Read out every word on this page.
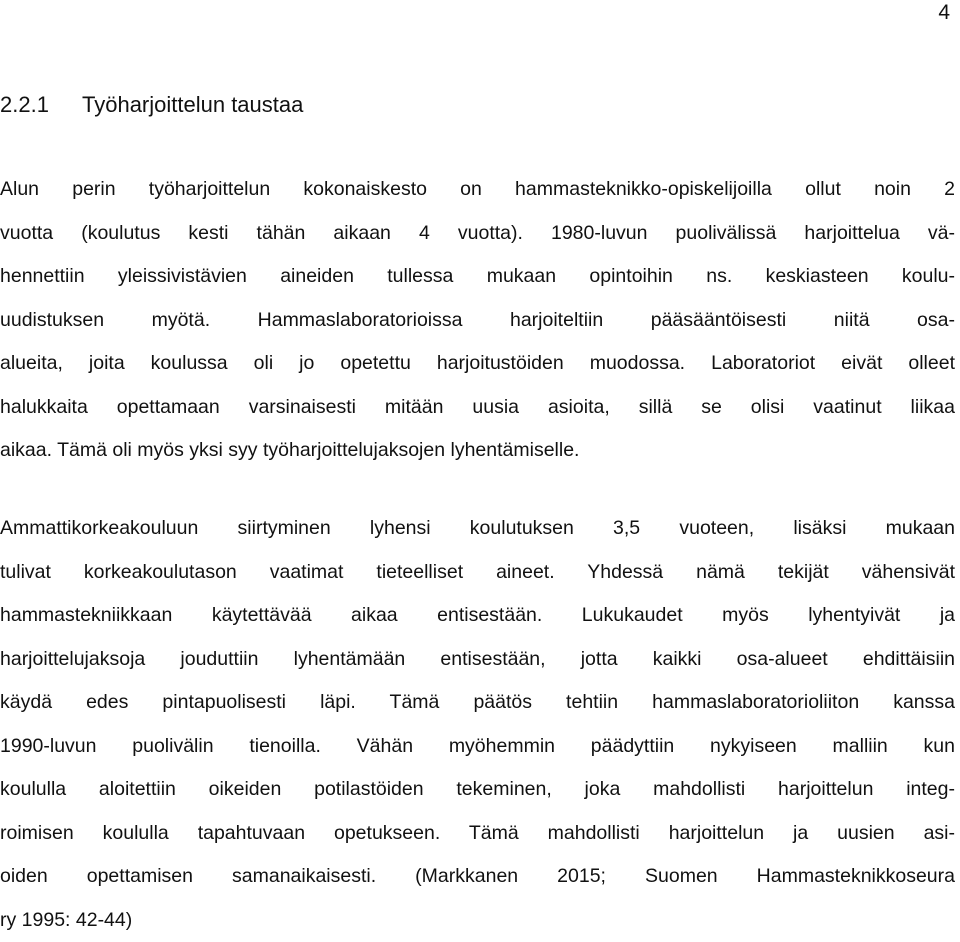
4
2.2.1 Työharjoittelun taustaa

Alun perin työharjoittelun kokonaiskesto on hammasteknikko-opiskelijoilla ollut noin 2
vuotta (koulutus kesti tähän aikaan 4 vuotta). 1980-luvun puolivälissä harjoittelua vä-
hennettiin yleissivistävien aineiden tullessa mukaan opintoihin ns. keskiasteen koulu-
uudistuksen myötä. Hammaslaboratorioissa harjoiteltiin pääsääntöisesti niitä osa-
alueita, joita koulussa oli jo opetettu harjoitustöiden muodossa. Laboratoriot eivät olleet
halukkaita opettamaan varsinaisesti mitään uusia asioita, sillä se olisi vaatinut liikaa
aikaa. Tämä oli myös yksi syy työharjoittelujaksojen lyhentämiselle.

Ammattikorkeakouluun siirtyminen lyhensi koulutuksen 3,5 vuoteen, lisäksi mukaan
tulivat korkeakoulutason vaatimat tieteelliset aineet. Yhdessä nämä tekijät vähensivät
hammastekniikkaan käytettävää aikaa entisestään. Lukukaudet myös lyhentyivät ja
harjoittelujaksoja jouduttiin lyhentämään entisestään, jotta kaikki osa-alueet ehdittäisiin
käydä edes pintapuolisesti läpi. Tämä päätös tehtiin hammaslaboratorioliiton kanssa
1990-luvun puolivälin tienoilla. Vähän myöhemmin päädyttiin nykyiseen malliin kun
koululla aloitettiin oikeiden potilastöiden tekeminen, joka mahdollisti harjoittelun integ-
roimisen koululla tapahtuvaan opetukseen. Tämä mahdollisti harjoittelun ja uusien asi-
oiden opettamisen samanaikaisesti. (Markkanen 2015; Suomen Hammasteknikkoseura
ry 1995: 42-44)
